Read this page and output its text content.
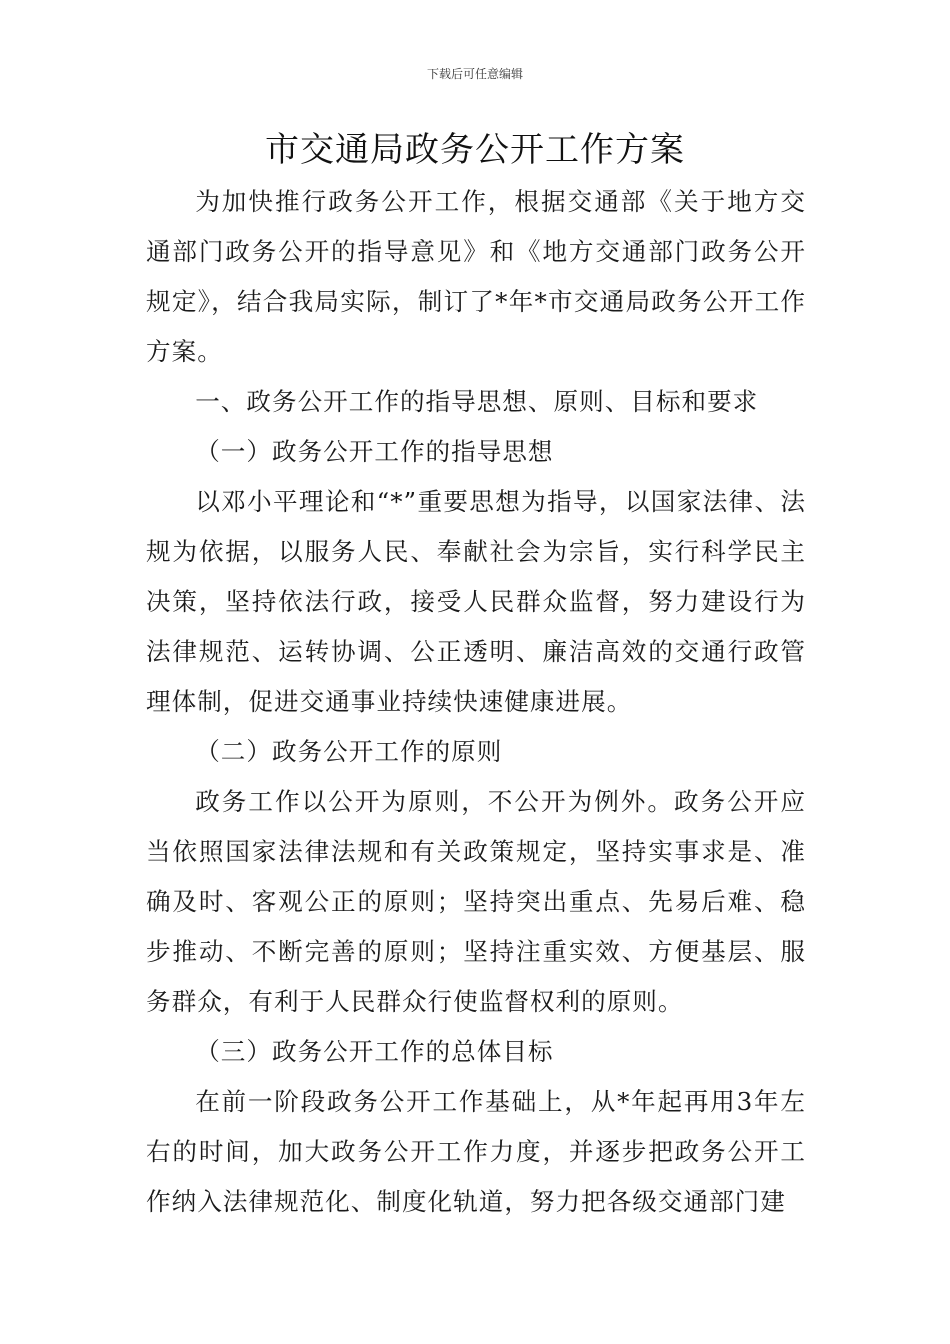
下载后可任意编辑
市交通局政务公开工作方案

为加快推行政务公开工作，根据交通部《关于地方交通部门政务公开的指导意见》和《地方交通部门政务公开规定》，结合我局实际，制订了*年*市交通局政务公开工作方案。

一、政务公开工作的指导思想、原则、目标和要求

（一）政务公开工作的指导思想

以邓小平理论和“*”重要思想为指导，以国家法律、法规为依据，以服务人民、奉献社会为宗旨，实行科学民主决策，坚持依法行政，接受人民群众监督，努力建设行为法律规范、运转协调、公正透明、廉洁高效的交通行政管理体制，促进交通事业持续快速健康进展。

（二）政务公开工作的原则

政务工作以公开为原则，不公开为例外。政务公开应当依照国家法律法规和有关政策规定，坚持实事求是、准确及时、客观公正的原则；坚持突出重点、先易后难、稳步推动、不断完善的原则；坚持注重实效、方便基层、服务群众，有利于人民群众行使监督权利的原则。

（三）政务公开工作的总体目标

在前一阶段政务公开工作基础上，从*年起再用3年左右的时间，加大政务公开工作力度，并逐步把政务公开工作纳入法律规范化、制度化轨道，努力把各级交通部门建
